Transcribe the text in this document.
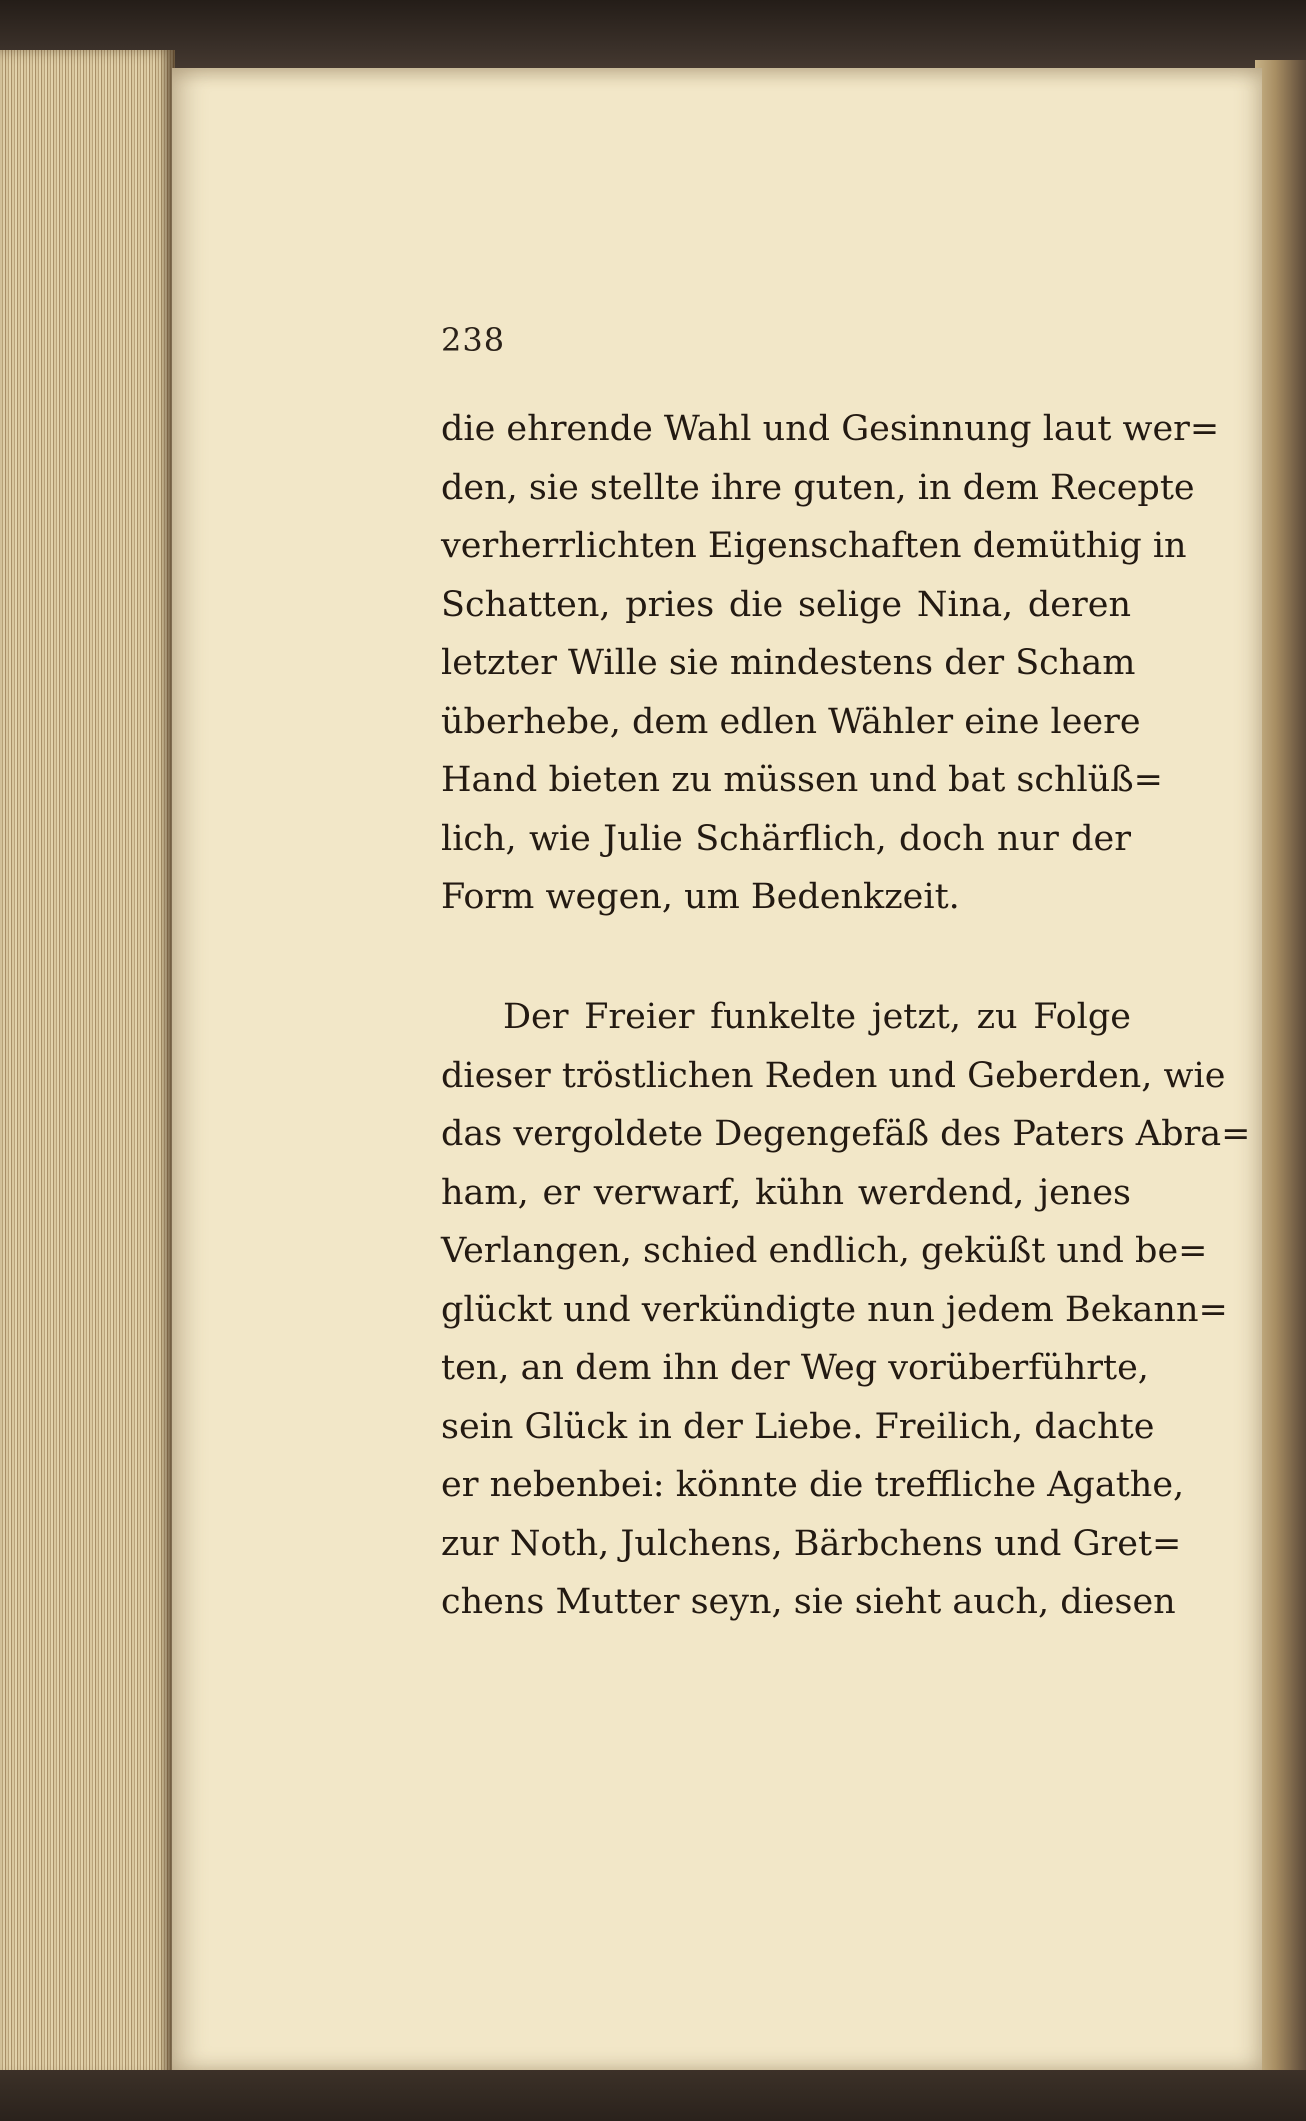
238
die ehrende Wahl und Gesinnung laut wer=
den, sie stellte ihre guten, in dem Recepte
verherrlichten Eigenschaften demüthig in
Schatten, pries die selige Nina, deren
letzter Wille sie mindestens der Scham
überhebe, dem edlen Wähler eine leere
Hand bieten zu müssen und bat schlüß=
lich, wie Julie Schärflich, doch nur der
Form wegen, um Bedenkzeit.
Der Freier funkelte jetzt, zu Folge
dieser tröstlichen Reden und Geberden, wie
das vergoldete Degengefäß des Paters Abra=
ham, er verwarf, kühn werdend, jenes
Verlangen, schied endlich, geküßt und be=
glückt und verkündigte nun jedem Bekann=
ten, an dem ihn der Weg vorüberführte,
sein Glück in der Liebe. Freilich, dachte
er nebenbei: könnte die treffliche Agathe,
zur Noth, Julchens, Bärbchens und Gret=
chens Mutter seyn, sie sieht auch, diesen
